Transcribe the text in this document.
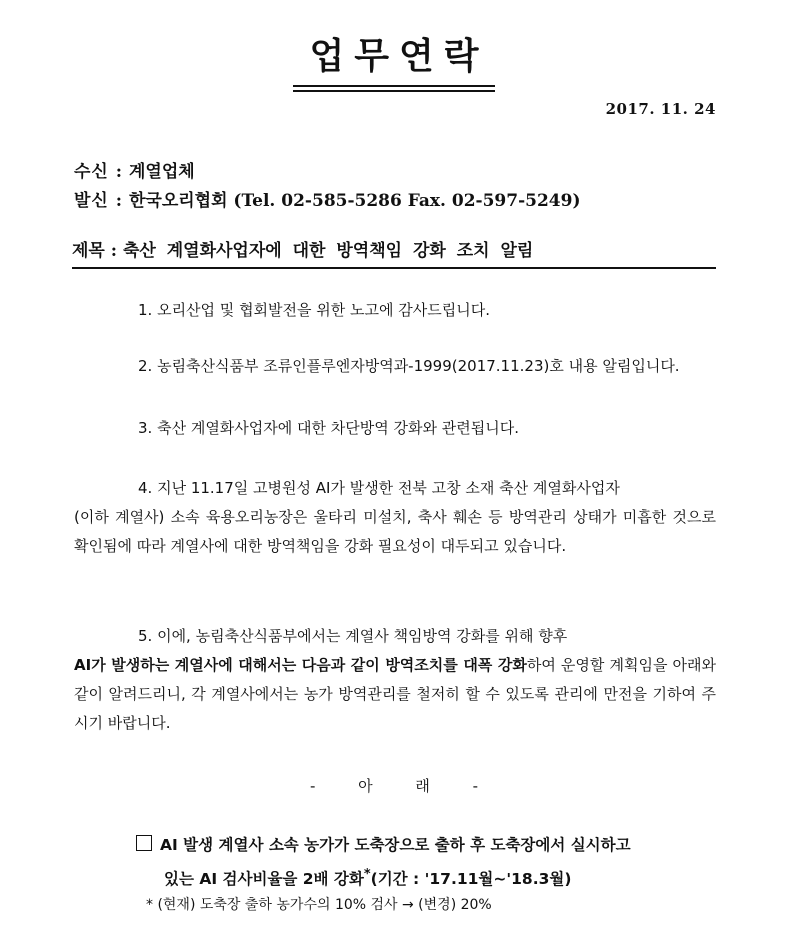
업무연락
2017. 11. 24
수신 : 계열업체
발신 : 한국오리협회 (Tel. 02-585-5286 Fax. 02-597-5249)
제목 : 축산 계열화사업자에 대한 방역책임 강화 조치 알림
1. 오리산업 및 협회발전을 위한 노고에 감사드립니다.
2. 농림축산식품부 조류인플루엔자방역과-1999(2017.11.23)호 내용 알림입니다.
3. 축산 계열화사업자에 대한 차단방역 강화와 관련됩니다.
4. 지난 11.17일 고병원성 AI가 발생한 전북 고창 소재 축산 계열화사업자
(이하 계열사) 소속 육용오리농장은 울타리 미설치, 축사 훼손 등 방역관리 상태가 미흡한 것으로 확인됨에 따라 계열사에 대한 방역책임을 강화 필요성이 대두되고 있습니다.
5. 이에, 농림축산식품부에서는 계열사 책임방역 강화를 위해 향후
AI가 발생하는 계열사에 대해서는 다음과 같이 방역조치를 대폭 강화하여 운영할 계획임을 아래와 같이 알려드리니, 각 계열사에서는 농가 방역관리를 철저히 할 수 있도록 관리에 만전을 기하여 주시기 바랍니다.
- 아 래 -
AI 발생 계열사 소속 농가가 도축장으로 출하 후 도축장에서 실시하고
있는 AI 검사비율을 2배 강화*(기간 : '17.11월~'18.3월)
* (현재) 도축장 출하 농가수의 10% 검사 → (변경) 20%
